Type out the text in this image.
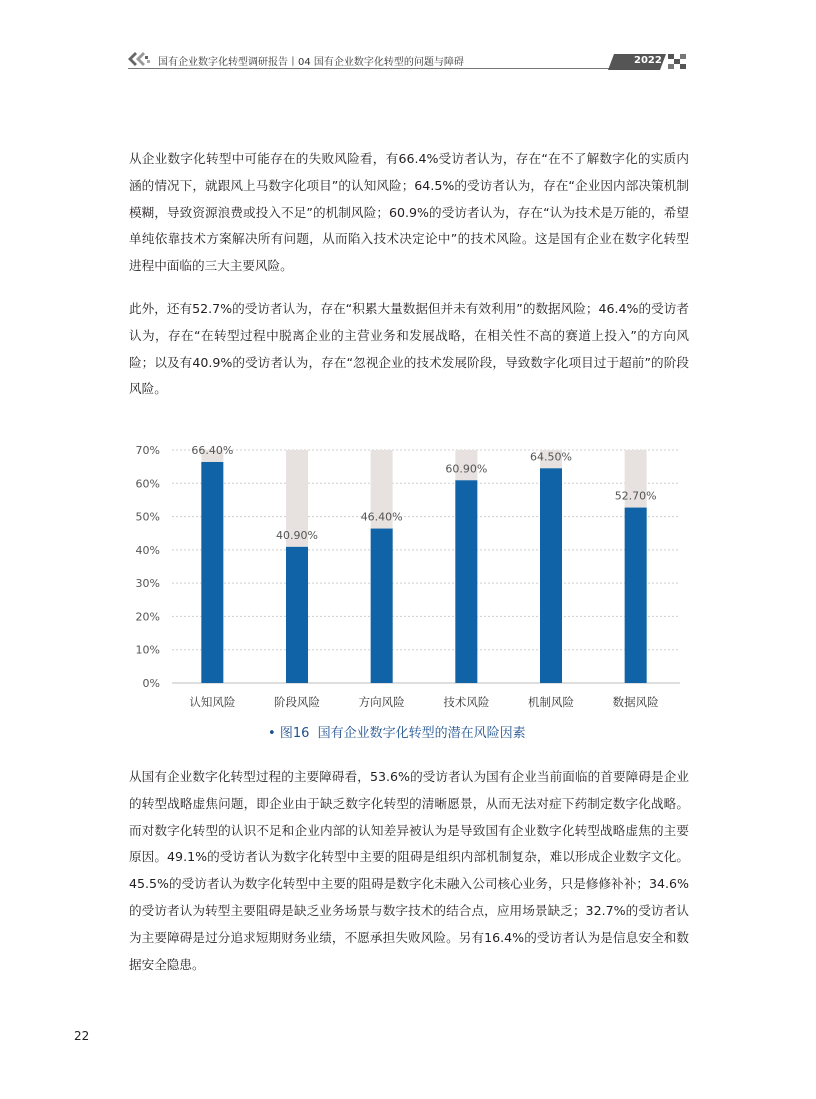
国有企业数字化转型调研报告丨04 国有企业数字化转型的问题与障碍	2022

从企业数字化转型中可能存在的失败风险看，有66.4%受访者认为，存在“在不了解数字化的实质内涵的情况下，就跟风上马数字化项目”的认知风险；64.5%的受访者认为，存在“企业因内部决策机制模糊，导致资源浪费或投入不足”的机制风险；60.9%的受访者认为，存在“认为技术是万能的，希望单纯依靠技术方案解决所有问题，从而陷入技术决定论中”的技术风险。这是国有企业在数字化转型进程中面临的三大主要风险。

此外，还有52.7%的受访者认为，存在“积累大量数据但并未有效利用”的数据风险；46.4%的受访者认为，存在“在转型过程中脱离企业的主营业务和发展战略，在相关性不高的赛道上投入”的方向风险；以及有40.9%的受访者认为，存在“忽视企业的技术发展阶段，导致数字化项目过于超前”的阶段风险。

0%
10%
20%
30%
40%
50%
60%
70%	66.40%
40.90%
46.40%
60.90%
64.50%
52.70%
认知风险	阶段风险	方向风险	技术风险	机制风险	数据风险
• 图16 国有企业数字化转型的潜在风险因素

从国有企业数字化转型过程的主要障碍看，53.6%的受访者认为国有企业当前面临的首要障碍是企业的转型战略虚焦问题，即企业由于缺乏数字化转型的清晰愿景，从而无法对症下药制定数字化战略。而对数字化转型的认识不足和企业内部的认知差异被认为是导致国有企业数字化转型战略虚焦的主要原因。49.1%的受访者认为数字化转型中主要的阻碍是组织内部机制复杂，难以形成企业数字文化。45.5%的受访者认为数字化转型中主要的阻碍是数字化未融入公司核心业务，只是修修补补；34.6%的受访者认为转型主要阻碍是缺乏业务场景与数字技术的结合点，应用场景缺乏；32.7%的受访者认为主要障碍是过分追求短期财务业绩，不愿承担失败风险。另有16.4%的受访者认为是信息安全和数据安全隐患。

22
